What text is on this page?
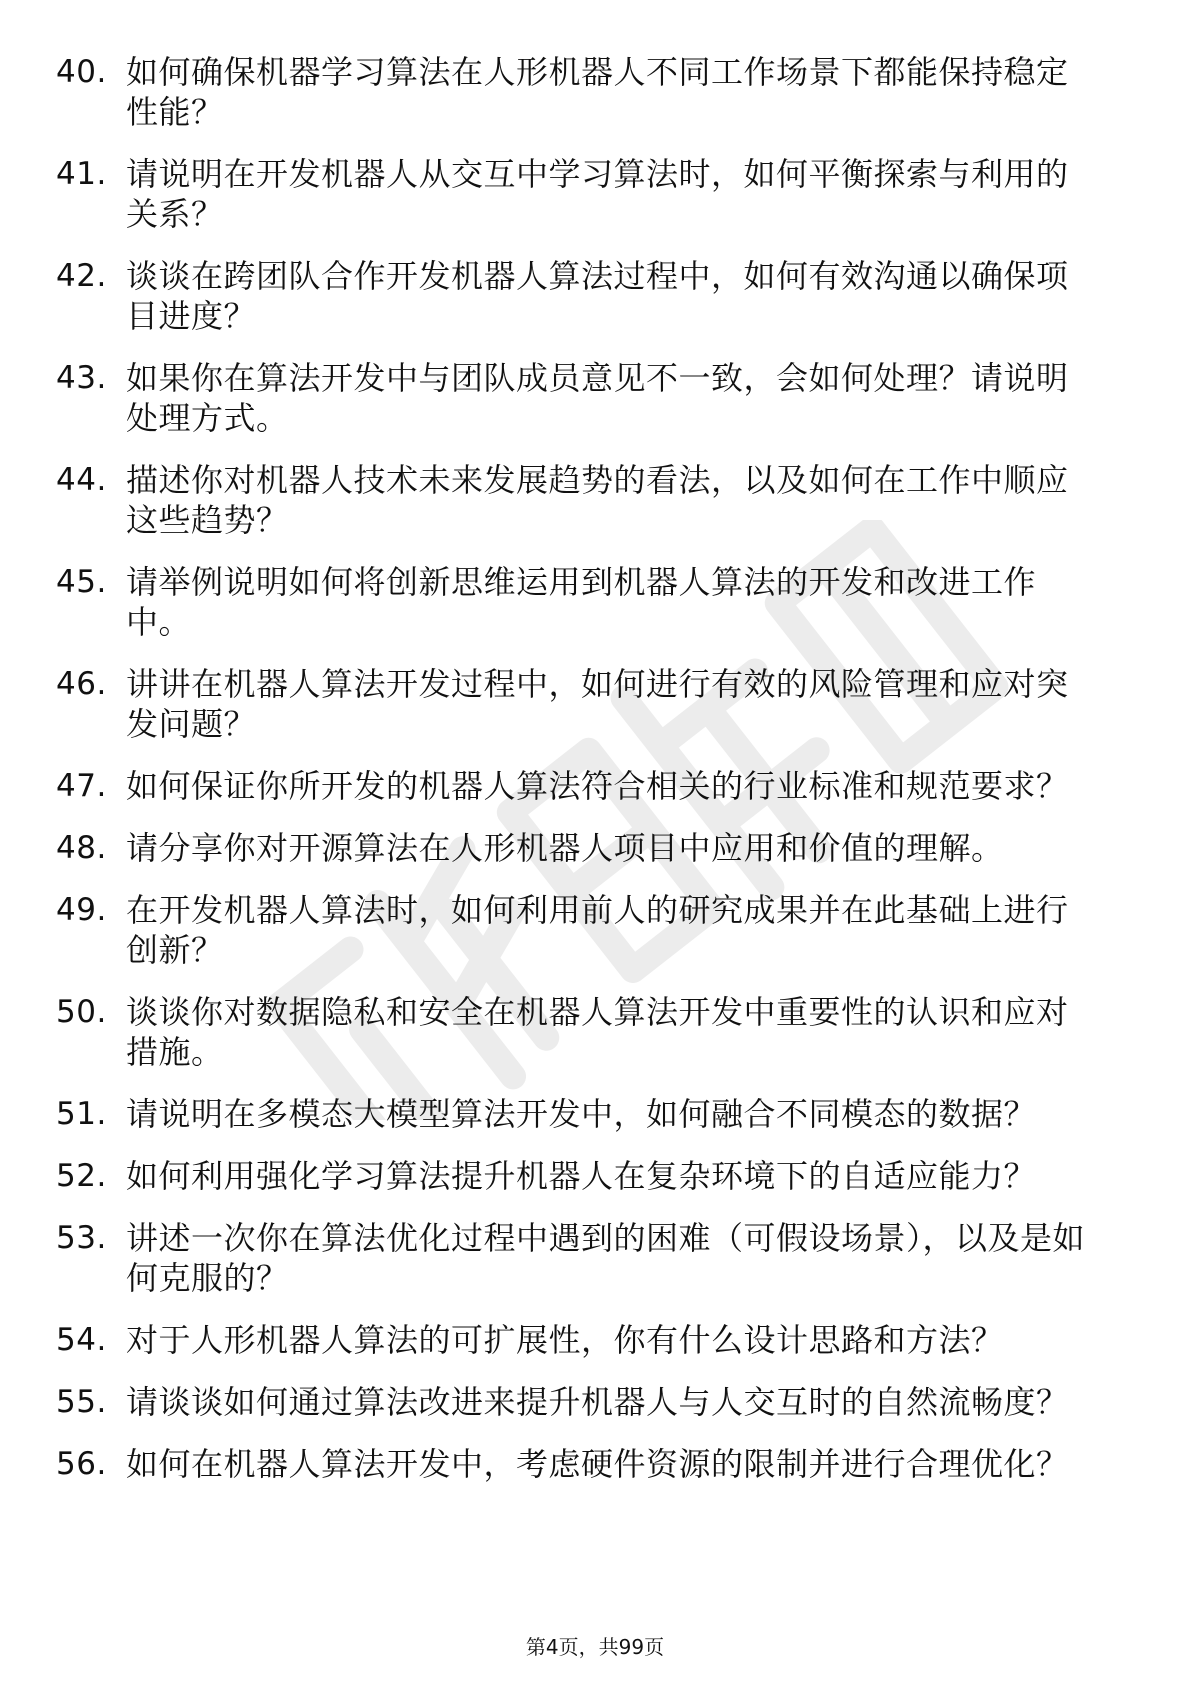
40. 如何确保机器学习算法在人形机器人不同工作场景下都能保持稳定性能？
41. 请说明在开发机器人从交互中学习算法时，如何平衡探索与利用的关系？
42. 谈谈在跨团队合作开发机器人算法过程中，如何有效沟通以确保项目进度？
43. 如果你在算法开发中与团队成员意见不一致，会如何处理？请说明处理方式。
44. 描述你对机器人技术未来发展趋势的看法，以及如何在工作中顺应这些趋势？
45. 请举例说明如何将创新思维运用到机器人算法的开发和改进工作中。
46. 讲讲在机器人算法开发过程中，如何进行有效的风险管理和应对突发问题？
47. 如何保证你所开发的机器人算法符合相关的行业标准和规范要求？
48. 请分享你对开源算法在人形机器人项目中应用和价值的理解。
49. 在开发机器人算法时，如何利用前人的研究成果并在此基础上进行创新？
50. 谈谈你对数据隐私和安全在机器人算法开发中重要性的认识和应对措施。
51. 请说明在多模态大模型算法开发中，如何融合不同模态的数据？
52. 如何利用强化学习算法提升机器人在复杂环境下的自适应能力？
53. 讲述一次你在算法优化过程中遇到的困难（可假设场景），以及是如何克服的？
54. 对于人形机器人算法的可扩展性，你有什么设计思路和方法？
55. 请谈谈如何通过算法改进来提升机器人与人交互时的自然流畅度？
56. 如何在机器人算法开发中，考虑硬件资源的限制并进行合理优化？
第4页，共99页
